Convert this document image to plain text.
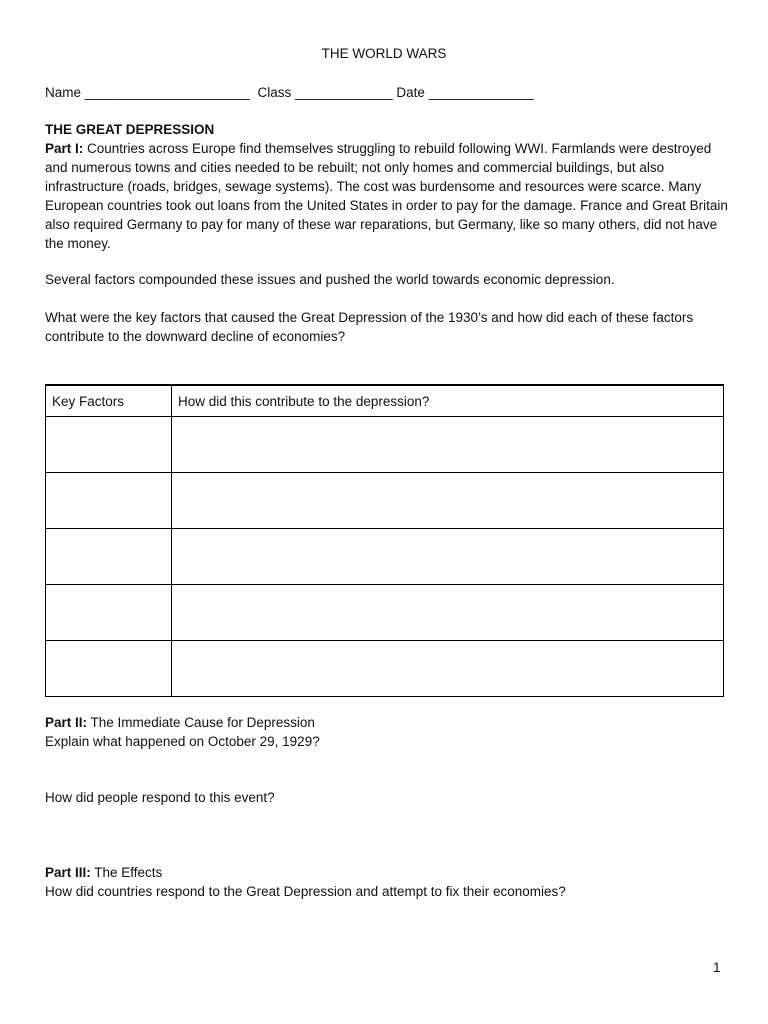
THE WORLD WARS
Name ______________________ Class _____________ Date ______________
THE GREAT DEPRESSION
Part I: Countries across Europe find themselves struggling to rebuild following WWI. Farmlands were destroyed and numerous towns and cities needed to be rebuilt; not only homes and commercial buildings, but also infrastructure (roads, bridges, sewage systems). The cost was burdensome and resources were scarce. Many European countries took out loans from the United States in order to pay for the damage. France and Great Britain also required Germany to pay for many of these war reparations, but Germany, like so many others, did not have the money.
Several factors compounded these issues and pushed the world towards economic depression.
What were the key factors that caused the Great Depression of the 1930’s and how did each of these factors contribute to the downward decline of economies?
Key Factors	How did this contribute to the depression?

Part II: The Immediate Cause for Depression
Explain what happened on October 29, 1929?
How did people respond to this event?
Part III: The Effects
How did countries respond to the Great Depression and attempt to fix their economies?
1
